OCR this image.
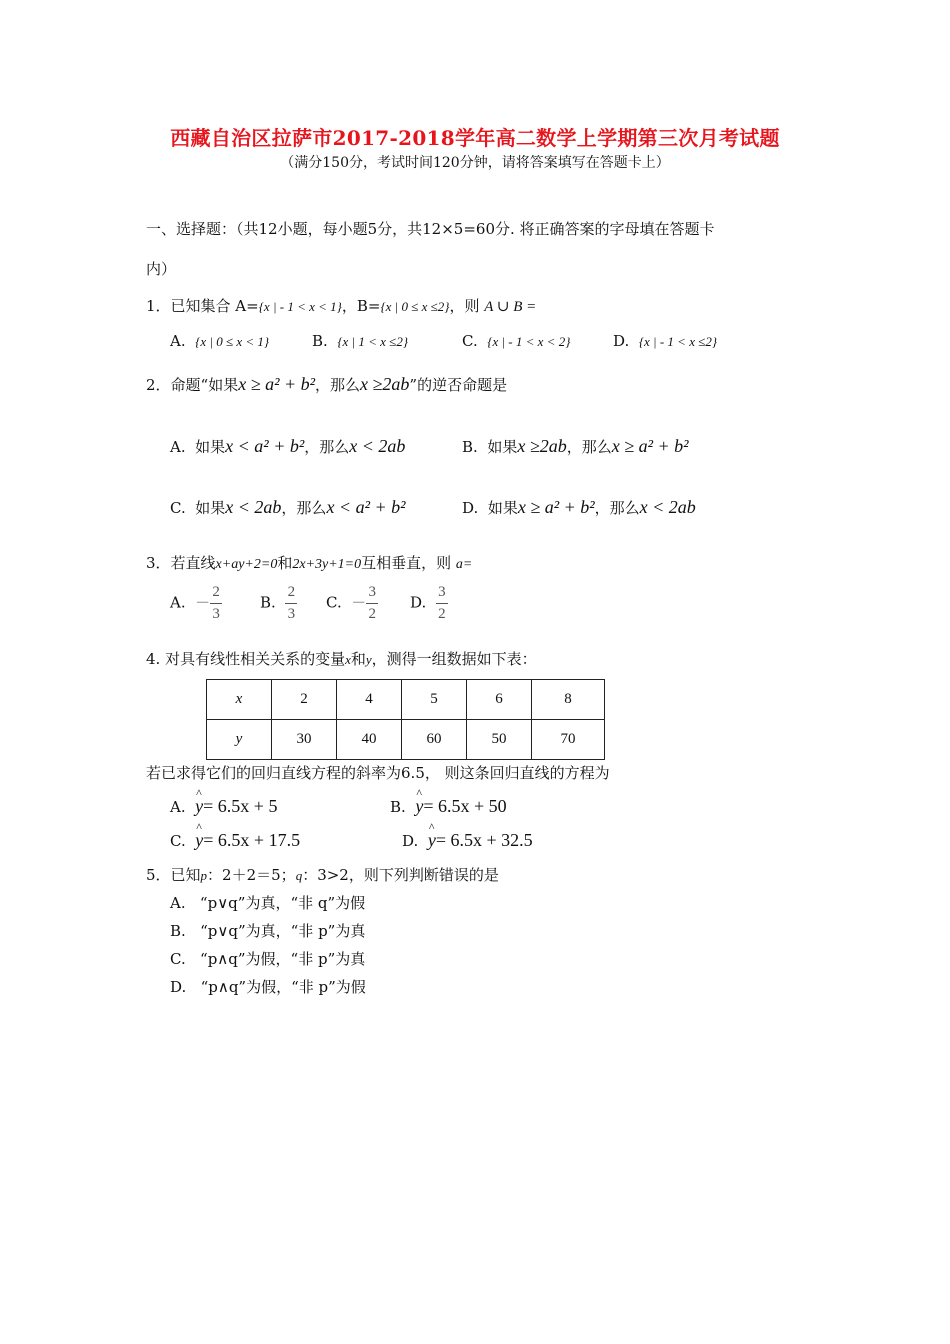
西藏自治区拉萨市2017-2018学年高二数学上学期第三次月考试题
（满分150分，考试时间120分钟，请将答案填写在答题卡上）
一、选择题：（共12小题，每小题5分，共12×5=60分. 将正确答案的字母填在答题卡
内）
1．已知集合 A={x | - 1 < x < 1}，B={x | 0 ≤ x ≤2}，则 A ∪ B =
A. {x | 0 ≤ x < 1}	B. {x | 1 < x ≤2}	C. {x | - 1 < x < 2}	D. {x | - 1 < x ≤2}
2．命题“如果x ≥ a² + b²，那么x ≥2ab”的逆否命题是
A. 如果x < a² + b²，那么x < 2ab	B. 如果x ≥2ab，那么x ≥ a² + b²
C. 如果x < 2ab，那么x < a² + b²	D. 如果x ≥ a² + b²，那么x < 2ab
3．若直线x+ay+2=0和2x+3y+1=0互相垂直，则 a=
A. － $\frac{2}{3}$	B. $\frac{2}{3} C$. － $\frac{3}{2} D$. $\frac{3}{2}$
4. 对具有线性相关关系的变量x和y，测得一组数据如下表：
x	2	4	5	6	8
y	30	40	60	50	70
若已求得它们的回归直线方程的斜率为6.5， 则这条回归直线的方程为
A. ^ y= 6.5x + 5	B. ^ y= 6.5x + 50
C. ^ y= 6.5x + 17.5	D. ^ y= 6.5x + 32.5
5．已知p：2＋2＝5；q：3>2，则下列判断错误的是
A. “p∨q”为真，“非 q”为假
B. “p∨q”为真，“非 p”为真
C. “p∧q”为假，“非 p”为真
D. “p∧q”为假，“非 p”为假
